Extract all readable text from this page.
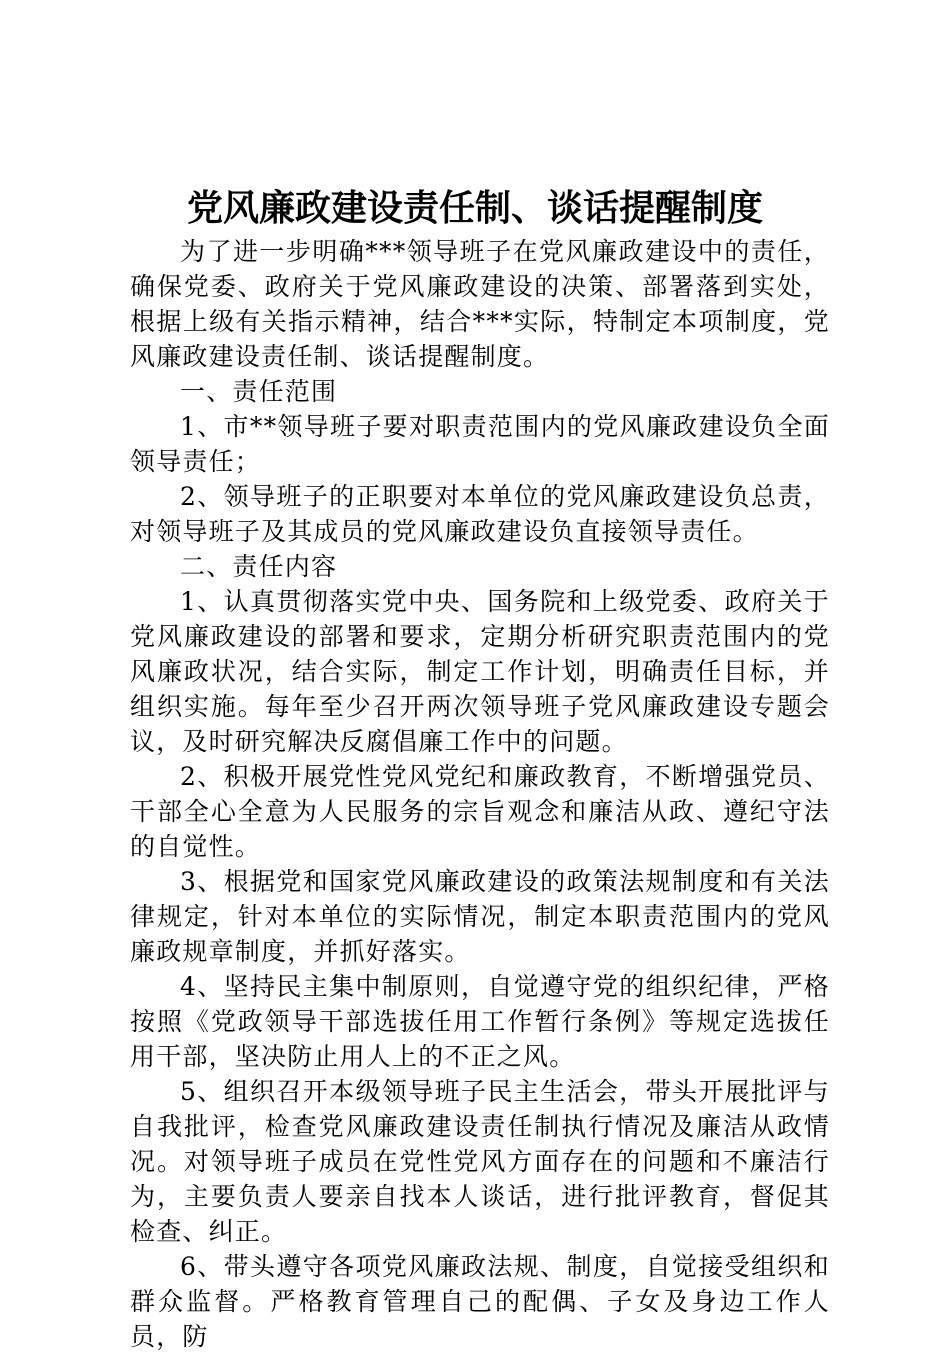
党风廉政建设责任制、谈话提醒制度

为了进一步明确***领导班子在党风廉政建设中的责任，确保党委、政府关于党风廉政建设的决策、部署落到实处，根据上级有关指示精神，结合***实际，特制定本项制度，党风廉政建设责任制、谈话提醒制度。

一、责任范围

1、市**领导班子要对职责范围内的党风廉政建设负全面领导责任；

2、领导班子的正职要对本单位的党风廉政建设负总责，对领导班子及其成员的党风廉政建设负直接领导责任。

二、责任内容

1、认真贯彻落实党中央、国务院和上级党委、政府关于党风廉政建设的部署和要求，定期分析研究职责范围内的党风廉政状况，结合实际，制定工作计划，明确责任目标，并组织实施。每年至少召开两次领导班子党风廉政建设专题会议，及时研究解决反腐倡廉工作中的问题。

2、积极开展党性党风党纪和廉政教育，不断增强党员、干部全心全意为人民服务的宗旨观念和廉洁从政、遵纪守法的自觉性。

3、根据党和国家党风廉政建设的政策法规制度和有关法律规定，针对本单位的实际情况，制定本职责范围内的党风廉政规章制度，并抓好落实。

4、坚持民主集中制原则，自觉遵守党的组织纪律，严格按照《党政领导干部选拔任用工作暂行条例》等规定选拔任用干部，坚决防止用人上的不正之风。

5、组织召开本级领导班子民主生活会，带头开展批评与自我批评，检查党风廉政建设责任制执行情况及廉洁从政情况。对领导班子成员在党性党风方面存在的问题和不廉洁行为，主要负责人要亲自找本人谈话，进行批评教育，督促其检查、纠正。

6、带头遵守各项党风廉政法规、制度，自觉接受组织和群众监督。严格教育管理自己的配偶、子女及身边工作人员，防
